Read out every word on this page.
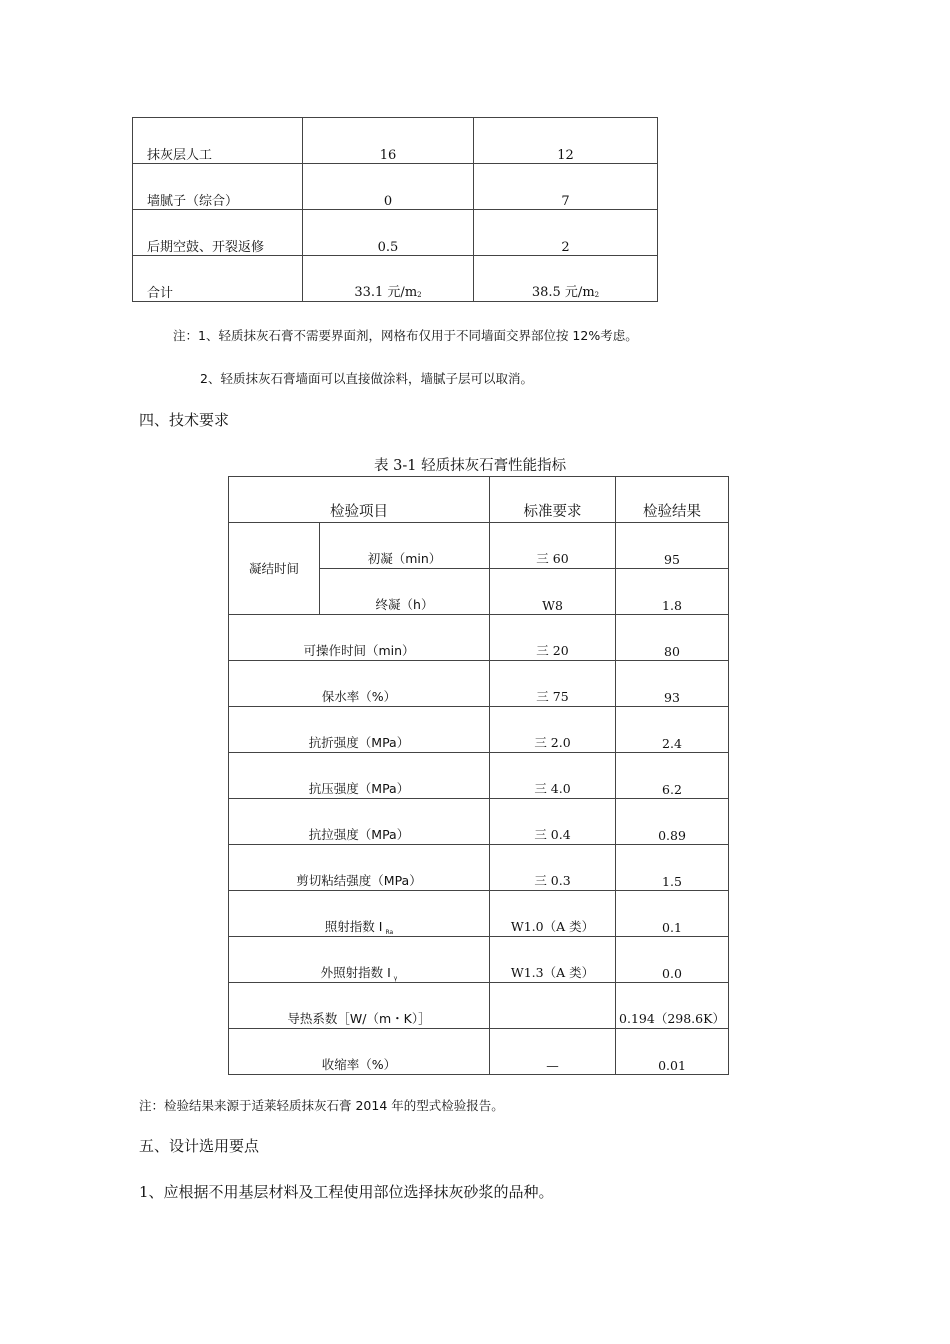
抹灰层人工	16	12
墙腻子（综合）	0	7
后期空鼓、开裂返修	0.5	2
合计	33.1 元$/m_2$	38.5 元$/m_2$
注：1、轻质抹灰石膏不需要界面剂，网格布仅用于不同墙面交界部位按 12%考虑。
2、轻质抹灰石膏墙面可以直接做涂料，墙腻子层可以取消。
四、技术要求
表 3-1 轻质抹灰石膏性能指标
检验项目		标准要求	检验结果
凝结时间	初凝（min）	三 60	95
	终凝（h）	W8	1.8
可操作时间（min）		三 20	80
保水率（%）		三 75	93
抗折强度（MPa）		三 2.0	2.4
抗压强度（MPa）		三 4.0	6.2
抗拉强度（MPa）		三 0.4	0.89
剪切粘结强度（MPa）		三 0.3	1.5
照射指数 I $_{Ra}$		W1.0（A 类）	0.1
外照射指数 I $_\gamma$		W1.3（A 类）	0.0
导热系数［W/（m・K）］			0.194（298.6K）
收缩率（%）		—	0.01
注：检验结果来源于适莱轻质抹灰石膏 2014 年的型式检验报告。
五、设计选用要点
1、应根据不用基层材料及工程使用部位选择抹灰砂浆的品种。
